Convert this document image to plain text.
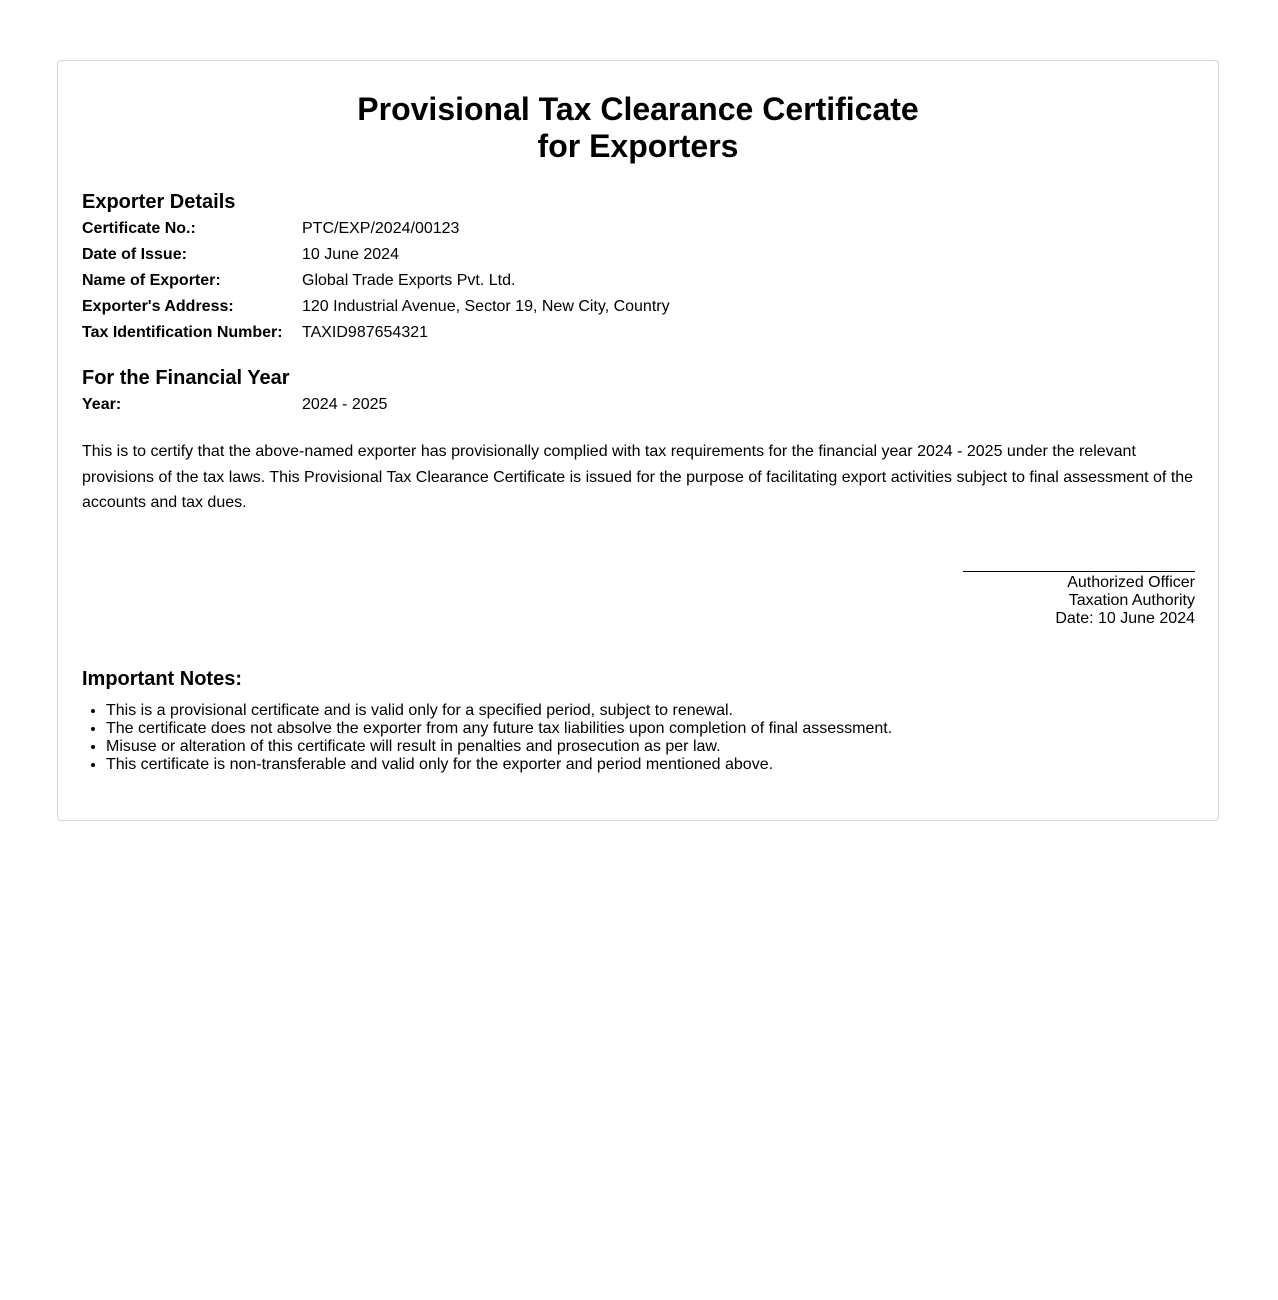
Provisional Tax Clearance Certificate
for Exporters
Exporter Details
Certificate No.:	PTC/EXP/2024/00123
Date of Issue:	10 June 2024
Name of Exporter:	Global Trade Exports Pvt. Ltd.
Exporter's Address:	120 Industrial Avenue, Sector 19, New City, Country
Tax Identification Number: TAXID987654321
For the Financial Year
Year:	2024 - 2025

This is to certify that the above-named exporter has provisionally complied with tax requirements for the financial year 2024 - 2025 under the relevant provisions of the tax laws. This Provisional Tax Clearance Certificate is issued for the purpose of facilitating export activities subject to final assessment of the accounts and tax dues.

Authorized Officer
Taxation Authority
Date: 10 June 2024
Important Notes:
• This is a provisional certificate and is valid only for a specified period, subject to renewal.
• The certificate does not absolve the exporter from any future tax liabilities upon completion of final assessment.
• Misuse or alteration of this certificate will result in penalties and prosecution as per law.
• This certificate is non-transferable and valid only for the exporter and period mentioned above.
